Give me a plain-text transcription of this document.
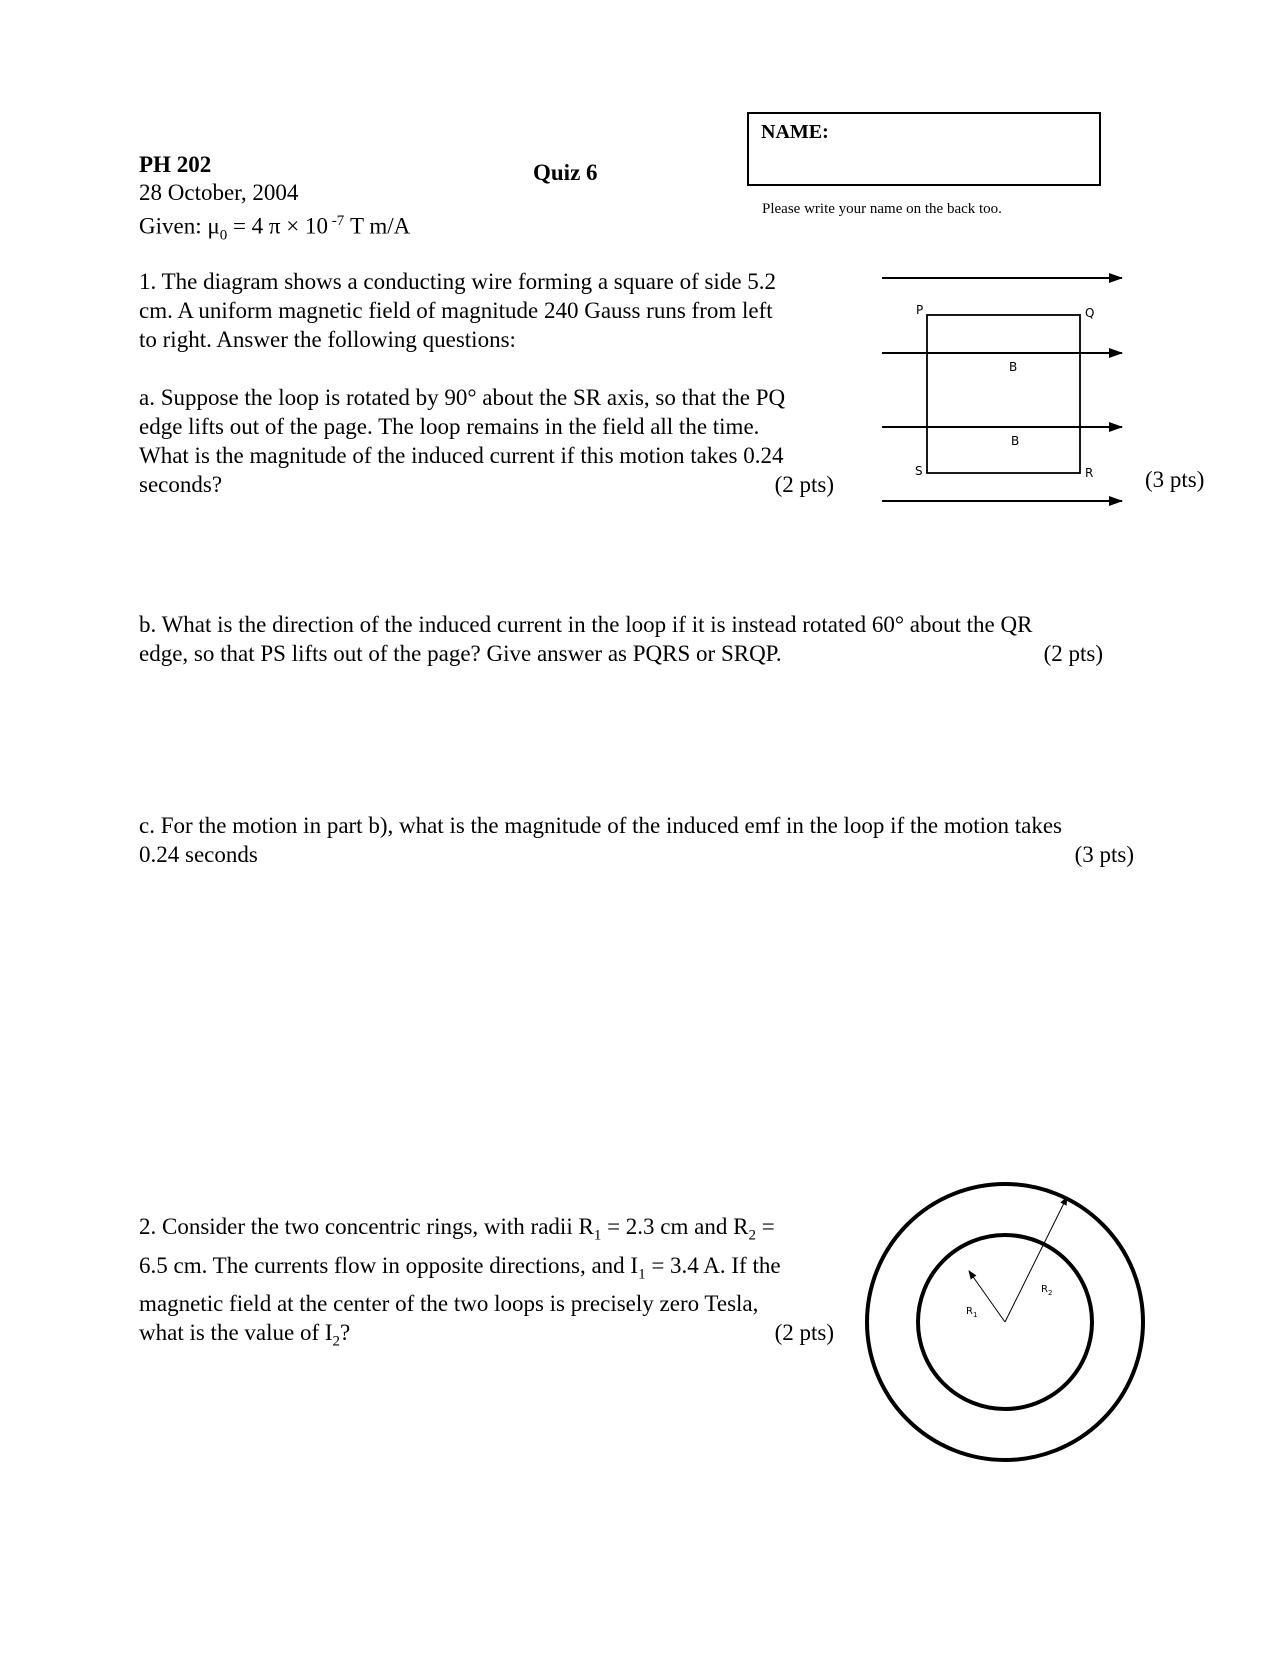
PH 202
28 October, 2004
Given: $\mu_0 = 4$ π × 10 $^{-7}$ T m/A
Quiz 6
NAME:
Please write your name on the back too.
1. The diagram shows a conducting wire forming a square of side 5.2
cm. A uniform magnetic field of magnitude 240 Gauss runs from left
to right. Answer the following questions:
a. Suppose the loop is rotated by 90° about the SR axis, so that the PQ
edge lifts out of the page. The loop remains in the field all the time.
What is the magnitude of the induced current if this motion takes 0.24
seconds?	(2 pts)
P	Q
R
S
B
B
(3 pts)
b. What is the direction of the induced current in the loop if it is instead rotated 60° about the QR
edge, so that PS lifts out of the page? Give answer as PQRS or SRQP.	(2 pts)
c. For the motion in part b), what is the magnitude of the induced emf in the loop if the motion takes
0.24 seconds	(3 pts)
2. Consider the two concentric rings, with radii $R_1 = 2.3$ cm and $R_2$ =
6.5 cm. The currents flow in opposite directions, and $I_1 = 3.4$ A. If the
magnetic field at the center of the two loops is precisely zero Tesla,
what is the value of $I_2$?	(2 pts)
$R_1$
$R_2$
